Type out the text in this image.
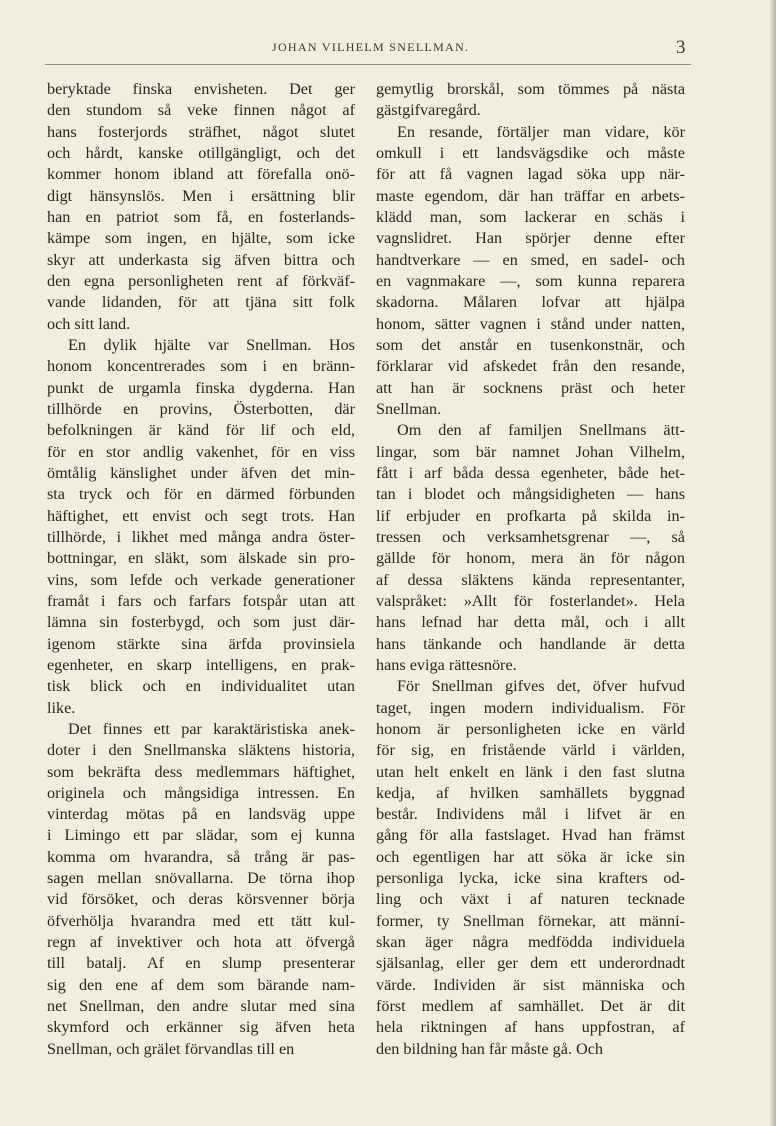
JOHAN VILHELM SNELLMAN.	3
beryktade finska envisheten. Det ger
den stundom så veke finnen något af
hans fosterjords sträfhet, något slutet
och hårdt, kanske otillgängligt, och det
kommer honom ibland att förefalla onö-
digt hänsynslös. Men i ersättning blir
han en patriot som få, en fosterlands-
kämpe som ingen, en hjälte, som icke
skyr att underkasta sig äfven bittra och
den egna personligheten rent af förkväf-
vande lidanden, för att tjäna sitt folk
och sitt land.
En dylik hjälte var Snellman. Hos
honom koncentrerades som i en bränn-
punkt de urgamla finska dygderna. Han
tillhörde en provins, Österbotten, där
befolkningen är känd för lif och eld,
för en stor andlig vakenhet, för en viss
ömtålig känslighet under äfven det min-
sta tryck och för en därmed förbunden
häftighet, ett envist och segt trots. Han
tillhörde, i likhet med många andra öster-
bottningar, en släkt, som älskade sin pro-
vins, som lefde och verkade generationer
framåt i fars och farfars fotspår utan att
lämna sin fosterbygd, och som just där-
igenom stärkte sina ärfda provinsiela
egenheter, en skarp intelligens, en prak-
tisk blick och en individualitet utan
like.
Det finnes ett par karaktäristiska anek-
doter i den Snellmanska släktens historia,
som bekräfta dess medlemmars häftighet,
originela och mångsidiga intressen. En
vinterdag mötas på en landsväg uppe
i Limingo ett par slädar, som ej kunna
komma om hvarandra, så trång är pas-
sagen mellan snövallarna. De törna ihop
vid försöket, och deras körsvenner börja
öfverhölja hvarandra med ett tätt kul-
regn af invektiver och hota att öfvergå
till batalj. Af en slump presenterar
sig den ene af dem som bärande nam-
net Snellman, den andre slutar med sina
skymford och erkänner sig äfven heta
Snellman, och grälet förvandlas till en
gemytlig brorskål, som tömmes på nästa
gästgifvaregård.
En resande, förtäljer man vidare, kör
omkull i ett landsvägsdike och måste
för att få vagnen lagad söka upp när-
maste egendom, där han träffar en arbets-
klädd man, som lackerar en schäs i
vagnslidret. Han spörjer denne efter
handtverkare — en smed, en sadel- och
en vagnmakare —, som kunna reparera
skadorna. Målaren lofvar att hjälpa
honom, sätter vagnen i stånd under natten,
som det anstår en tusenkonstnär, och
förklarar vid afskedet från den resande,
att han är socknens präst och heter
Snellman.
Om den af familjen Snellmans ätt-
lingar, som bär namnet Johan Vilhelm,
fått i arf båda dessa egenheter, både het-
tan i blodet och mångsidigheten — hans
lif erbjuder en profkarta på skilda in-
tressen och verksamhetsgrenar —, så
gällde för honom, mera än för någon
af dessa släktens kända representanter,
valspråket: »Allt för fosterlandet». Hela
hans lefnad har detta mål, och i allt
hans tänkande och handlande är detta
hans eviga rättesnöre.
För Snellman gifves det, öfver hufvud
taget, ingen modern individualism. För
honom är personligheten icke en värld
för sig, en fristående värld i världen,
utan helt enkelt en länk i den fast slutna
kedja, af hvilken samhällets byggnad
består. Individens mål i lifvet är en
gång för alla fastslaget. Hvad han främst
och egentligen har att söka är icke sin
personliga lycka, icke sina krafters od-
ling och växt i af naturen tecknade
former, ty Snellman förnekar, att männi-
skan äger några medfödda individuela
själsanlag, eller ger dem ett underordnadt
värde. Individen är sist människa och
först medlem af samhället. Det är dit
hela riktningen af hans uppfostran, af
den bildning han får måste gå. Och
